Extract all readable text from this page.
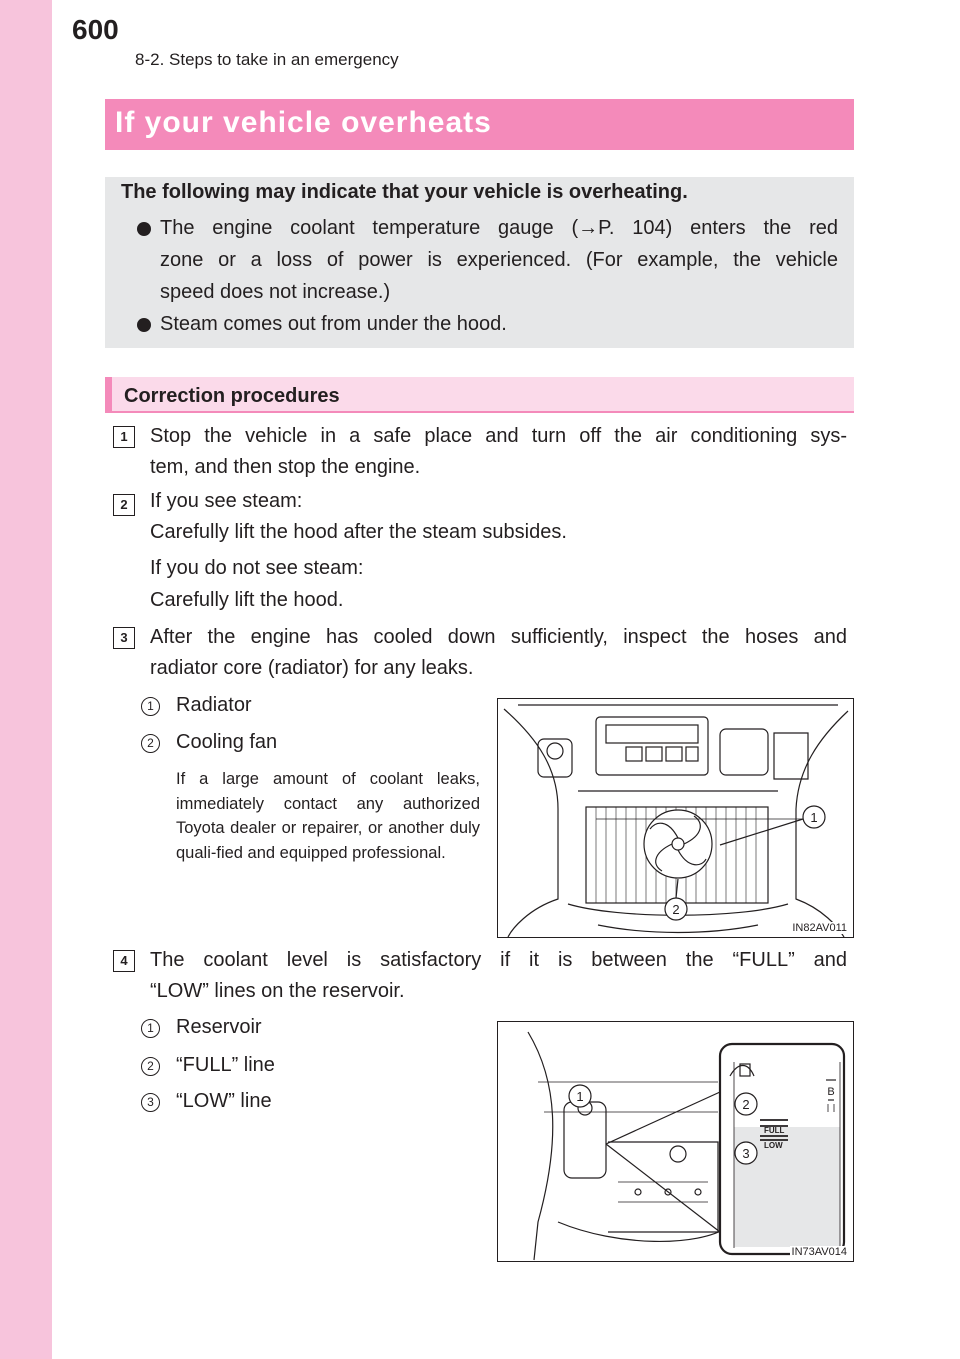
600
8-2. Steps to take in an emergency
If your vehicle overheats
The following may indicate that your vehicle is overheating.
The engine coolant temperature gauge (→P. 104) enters the red
zone or a loss of power is experienced. (For example, the vehicle
speed does not increase.)
Steam comes out from under the hood.
Correction procedures
1	Stop the vehicle in a safe place and turn off the air conditioning sys-
tem, and then stop the engine.
2	If you see steam:
Carefully lift the hood after the steam subsides.
If you do not see steam:
Carefully lift the hood.
3	After the engine has cooled down sufficiently, inspect the hoses and
radiator core (radiator) for any leaks.
1	Radiator
2	Cooling fan
If a large amount of coolant leaks, immediately contact any authorized Toyota dealer or repairer, or another duly quali-fied and equipped professional.
1
2
IN82AV011
4	The coolant level is satisfactory if it is between the “FULL” and
“LOW” lines on the reservoir.
1	Reservoir
2	“FULL” line
3	“LOW” line	1
2
3
B
FULL
LOW
IN73AV014
